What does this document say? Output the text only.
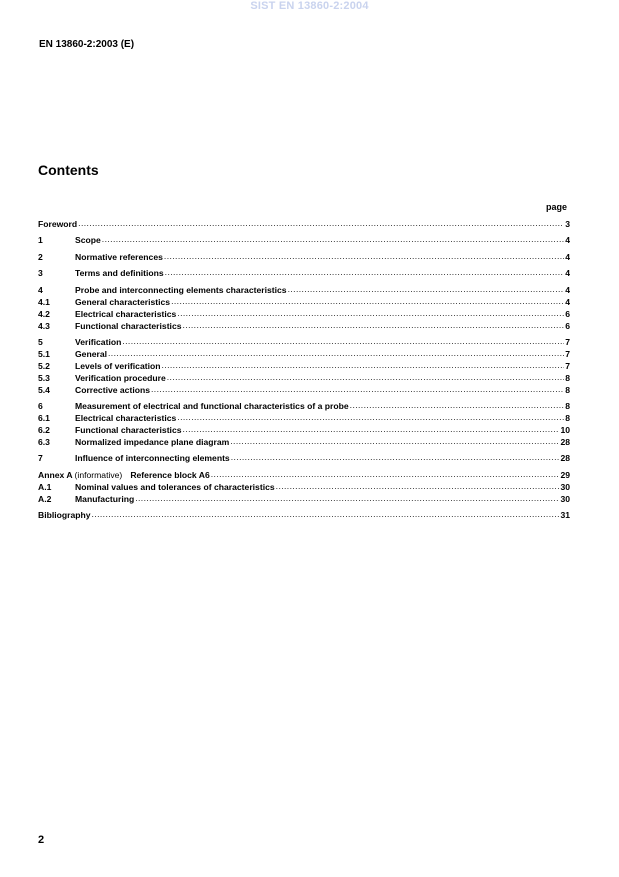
SIST EN 13860-2:2004
EN 13860-2:2003 (E)
Contents
page
Foreword .....	3
1	Scope .....	4
2	Normative references .....	4
3	Terms and definitions .....	4
4	Probe and interconnecting elements characteristics .....	4
4.1	General characteristics .....	4
4.2	Electrical characteristics .....	6
4.3	Functional characteristics .....	6
5	Verification .....	7
5.1	General .....	7
5.2	Levels of verification .....	7
5.3	Verification procedure .....	8
5.4	Corrective actions .....	8
6	Measurement of electrical and functional characteristics of a probe .....	8
6.1	Electrical characteristics .....	8
6.2	Functional characteristics .....	10
6.3	Normalized impedance plane diagram .....	28
7	Influence of interconnecting elements .....	28
Annex A (informative) Reference block A6 .....	29
A.1	Nominal values and tolerances of characteristics .....	30
A.2	Manufacturing .....	30
Bibliography .....	31
2
